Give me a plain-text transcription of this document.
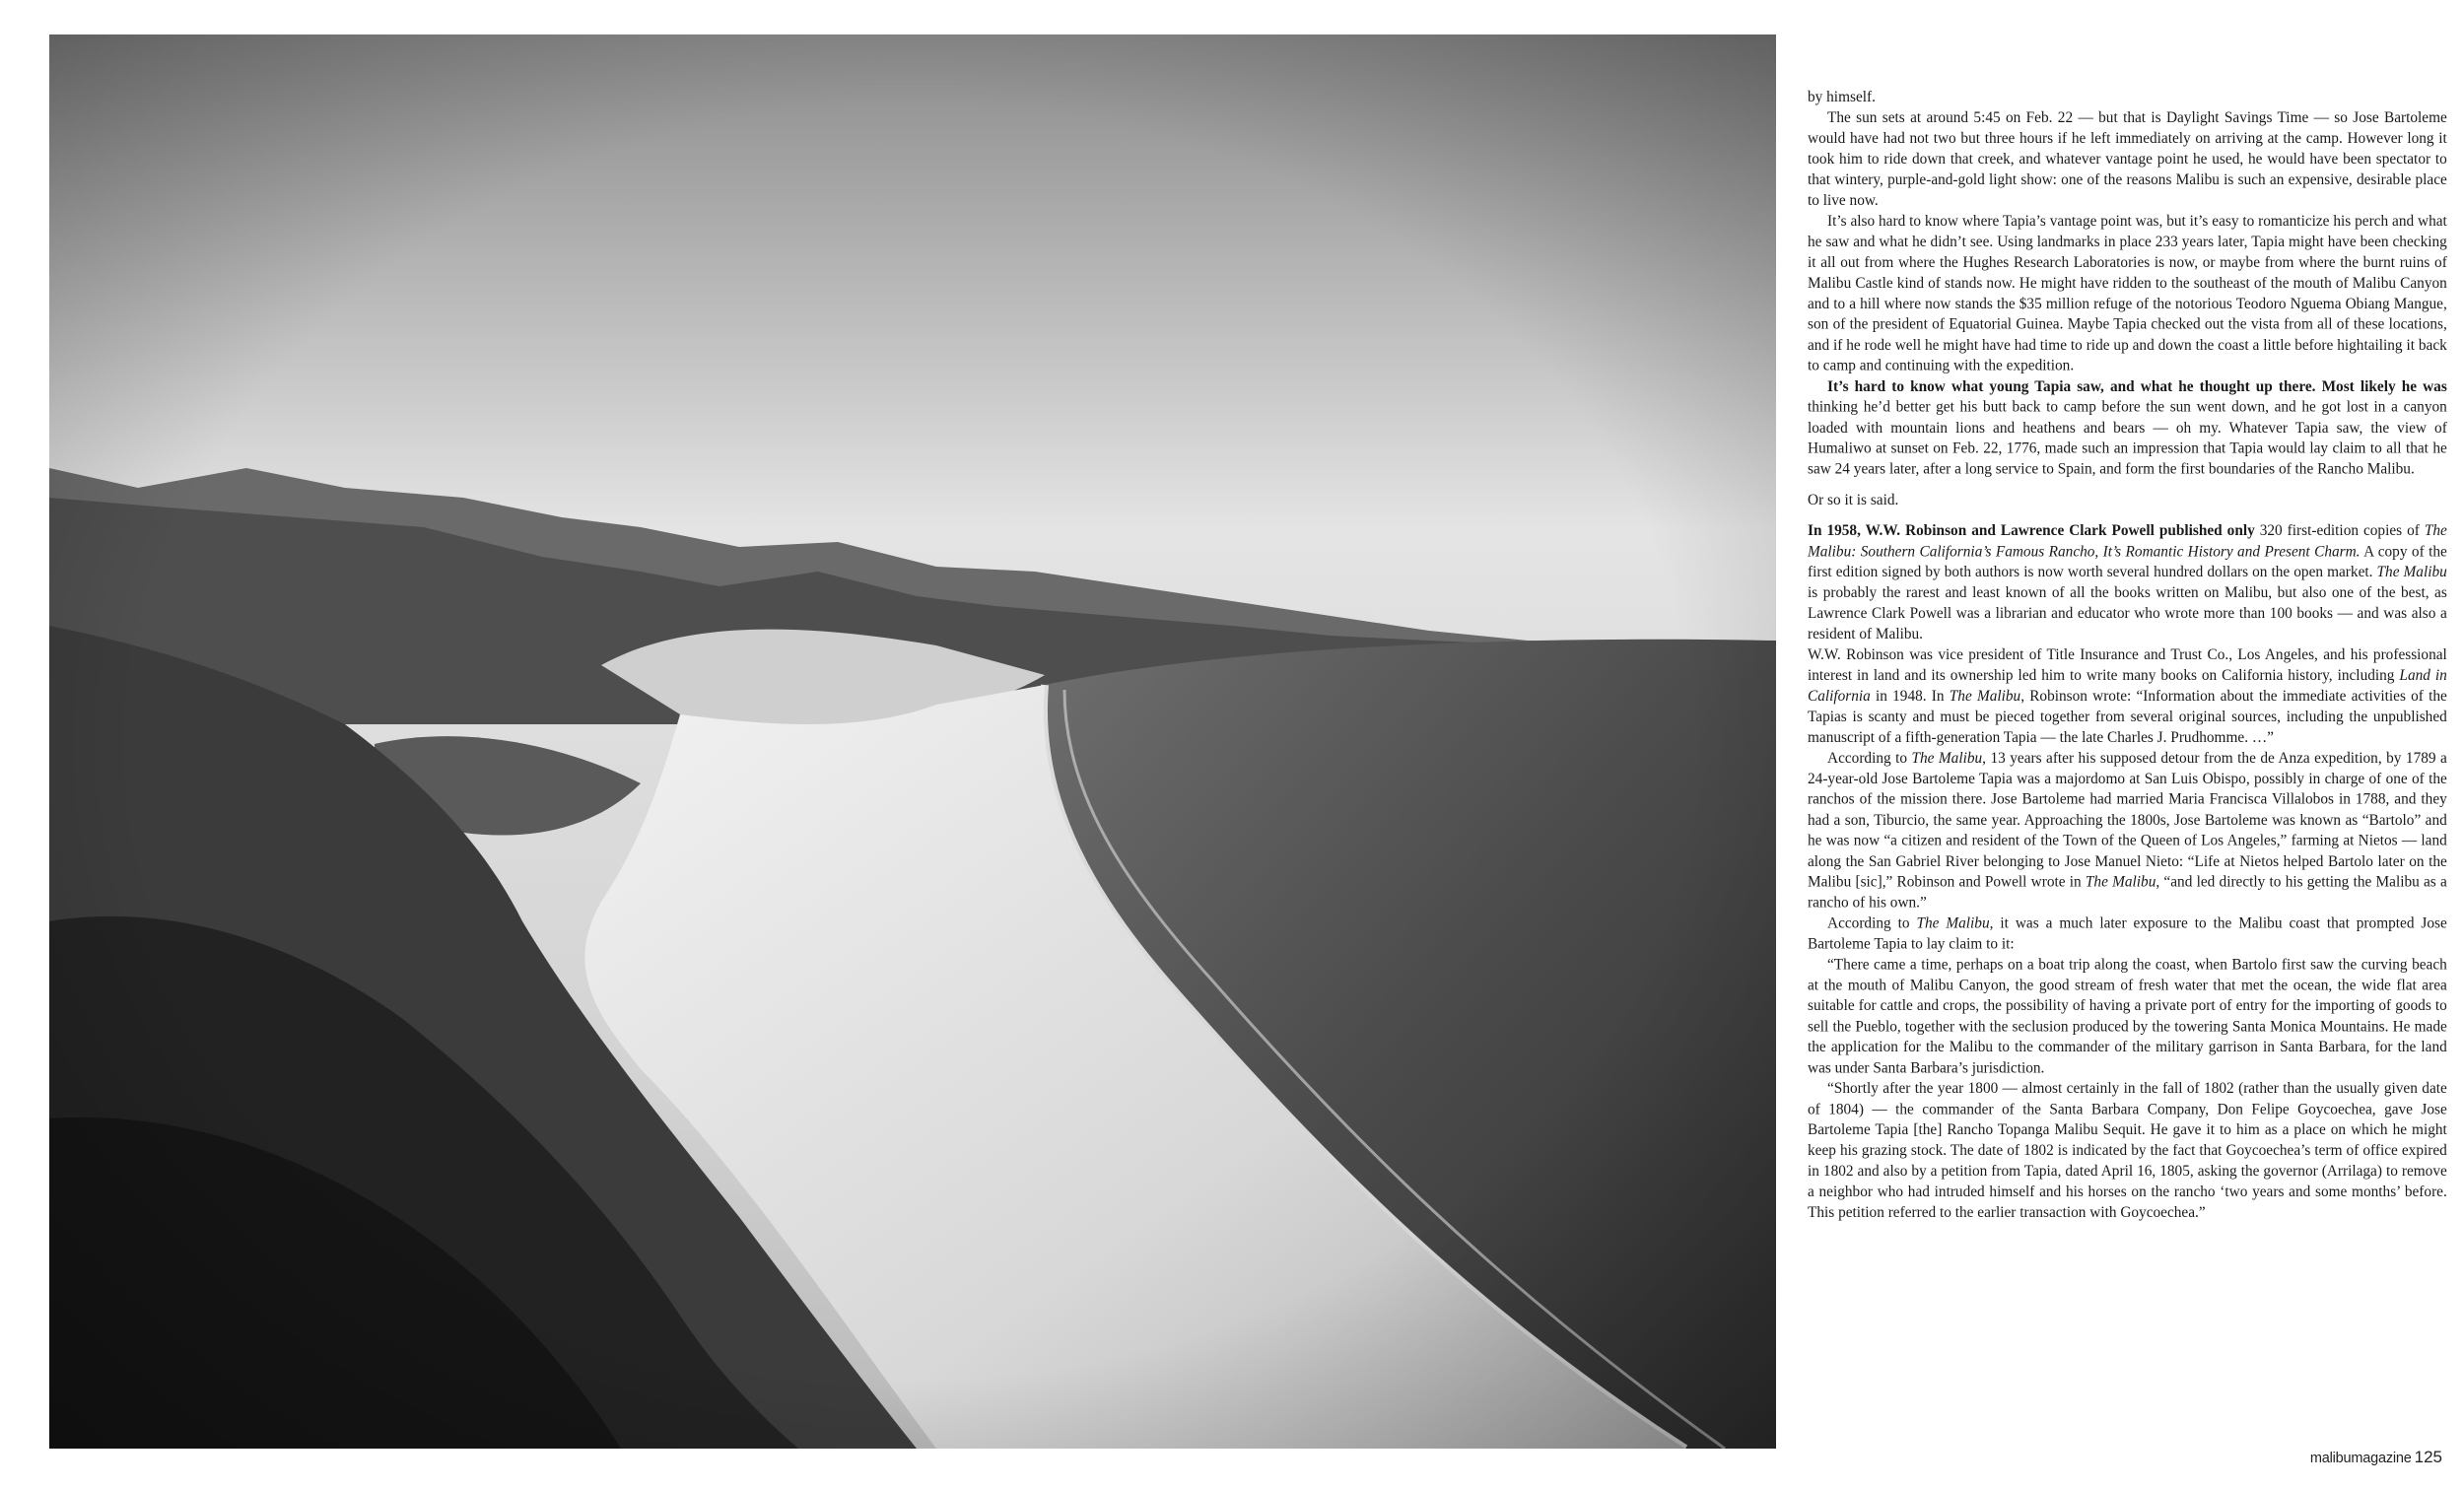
by himself.

The sun sets at around 5:45 on Feb. 22 — but that is Daylight Savings Time — so Jose Bartoleme would have had not two but three hours if he left immediately on arriving at the camp. However long it took him to ride down that creek, and whatever vantage point he used, he would have been spectator to that wintery, purple-and-gold light show: one of the reasons Malibu is such an expensive, desirable place to live now.

It’s also hard to know where Tapia’s vantage point was, but it’s easy to romanticize his perch and what he saw and what he didn’t see. Using landmarks in place 233 years later, Tapia might have been checking it all out from where the Hughes Research Laboratories is now, or maybe from where the burnt ruins of Malibu Castle kind of stands now. He might have ridden to the southeast of the mouth of Malibu Canyon and to a hill where now stands the $35 million refuge of the notorious Teodoro Nguema Obiang Mangue, son of the president of Equatorial Guinea. Maybe Tapia checked out the vista from all of these locations, and if he rode well he might have had time to ride up and down the coast a little before hightailing it back to camp and continuing with the expedition.

It’s hard to know what young Tapia saw, and what he thought up there. Most likely he was thinking he’d better get his butt back to camp before the sun went down, and he got lost in a canyon loaded with mountain lions and heathens and bears — oh my. Whatever Tapia saw, the view of Humaliwo at sunset on Feb. 22, 1776, made such an impression that Tapia would lay claim to all that he saw 24 years later, after a long service to Spain, and form the first boundaries of the Rancho Malibu.

Or so it is said.

In 1958, W.W. Robinson and Lawrence Clark Powell published only 320 first-edition copies of The Malibu: Southern California’s Famous Rancho, It’s Romantic History and Present Charm. A copy of the first edition signed by both authors is now worth several hundred dollars on the open market. The Malibu is probably the rarest and least known of all the books written on Malibu, but also one of the best, as Lawrence Clark Powell was a librarian and educator who wrote more than 100 books — and was also a resident of Malibu.

W.W. Robinson was vice president of Title Insurance and Trust Co., Los Angeles, and his professional interest in land and its ownership led him to write many books on California history, including Land in California in 1948. In The Malibu, Robinson wrote: “Information about the immediate activities of the Tapias is scanty and must be pieced together from several original sources, including the unpublished manuscript of a fifth-generation Tapia — the late Charles J. Prudhomme. …”

According to The Malibu, 13 years after his supposed detour from the de Anza expedition, by 1789 a 24-year-old Jose Bartoleme Tapia was a majordomo at San Luis Obispo, possibly in charge of one of the ranchos of the mission there. Jose Bartoleme had married Maria Francisca Villalobos in 1788, and they had a son, Tiburcio, the same year. Approaching the 1800s, Jose Bartoleme was known as “Bartolo” and he was now “a citizen and resident of the Town of the Queen of Los Angeles,” farming at Nietos — land along the San Gabriel River belonging to Jose Manuel Nieto: “Life at Nietos helped Bartolo later on the Malibu [sic],” Robinson and Powell wrote in The Malibu, “and led directly to his getting the Malibu as a rancho of his own.”

According to The Malibu, it was a much later exposure to the Malibu coast that prompted Jose Bartoleme Tapia to lay claim to it:

“There came a time, perhaps on a boat trip along the coast, when Bartolo first saw the curving beach at the mouth of Malibu Canyon, the good stream of fresh water that met the ocean, the wide flat area suitable for cattle and crops, the possibility of having a private port of entry for the importing of goods to sell the Pueblo, together with the seclusion produced by the towering Santa Monica Mountains. He made the application for the Malibu to the commander of the military garrison in Santa Barbara, for the land was under Santa Barbara’s jurisdiction.

“Shortly after the year 1800 — almost certainly in the fall of 1802 (rather than the usually given date of 1804) — the commander of the Santa Barbara Company, Don Felipe Goycoechea, gave Jose Bartoleme Tapia [the] Rancho Topanga Malibu Sequit. He gave it to him as a place on which he might keep his grazing stock. The date of 1802 is indicated by the fact that Goycoechea’s term of office expired in 1802 and also by a petition from Tapia, dated April 16, 1805, asking the governor (Arrilaga) to remove a neighbor who had intruded himself and his horses on the rancho ‘two years and some months’ before. This petition referred to the earlier transaction with Goycoechea.”

malibumagazine 125
